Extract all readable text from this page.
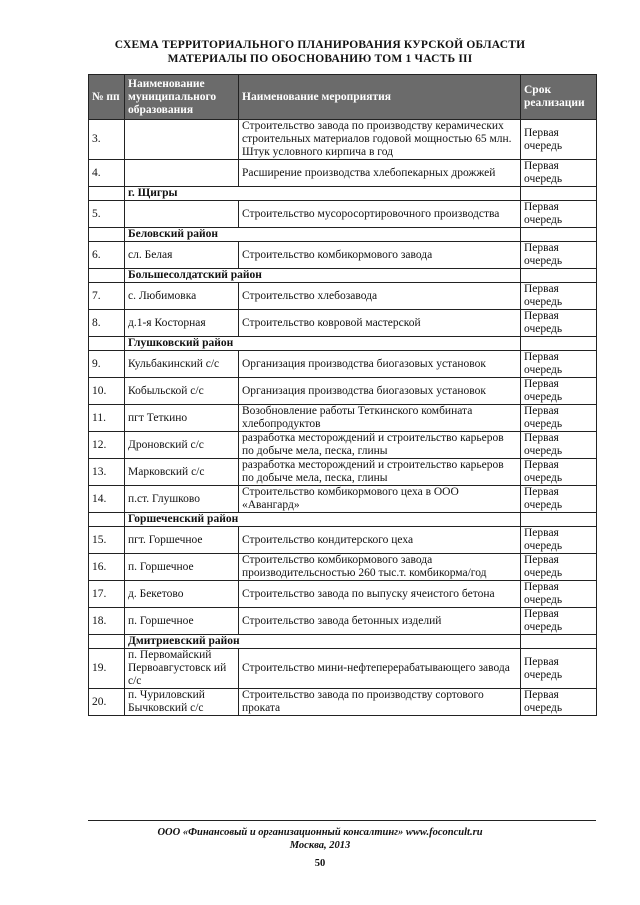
СХЕМА ТЕРРИТОРИАЛЬНОГО ПЛАНИРОВАНИЯ КУРСКОЙ ОБЛАСТИ
МАТЕРИАЛЫ ПО ОБОСНОВАНИЮ ТОМ 1 ЧАСТЬ III
№ пп	Наименование муниципального образования	Наименование мероприятия	Срок реализации
3.		Строительство завода по производству керамических строительных материалов годовой мощностью 65 млн. Штук условного кирпича в год	Первая очередь
4.		Расширение производства хлебопекарных дрожжей	Первая очередь
	г. Щигры		
5.		Строительство мусоросортировочного производства	Первая очередь
	Беловский район		
6.	сл. Белая	Строительство комбикормового завода	Первая очередь
	Большесолдатский район		
7.	с. Любимовка	Строительство хлебозавода	Первая очередь
8.	д.1-я Косторная	Строительство ковровой мастерской	Первая очередь
	Глушковский район		
9.	Кульбакинский с/с	Организация производства биогазовых установок	Первая очередь
10.	Кобыльской с/с	Организация производства биогазовых установок	Первая очередь
11.	пгт Теткино	Возобновление работы Теткинского комбината хлебопродуктов	Первая очередь
12.	Дроновский с/с	разработка месторождений и строительство карьеров по добыче мела, песка, глины	Первая очередь
13.	Марковский с/с	разработка месторождений и строительство карьеров по добыче мела, песка, глины	Первая очередь
14.	п.ст. Глушково	Строительство комбикормового цеха в ООО «Авангард»	Первая очередь
	Горшеченский район		
15.	пгт. Горшечное	Строительство кондитерского цеха	Первая очередь
16.	п. Горшечное	Строительство комбикормового завода производительсностью 260 тыс.т. комбикорма/год	Первая очередь
17.	д. Бекетово	Строительство завода по выпуску ячеистого бетона	Первая очередь
18.	п. Горшечное	Строительство завода бетонных изделий	Первая очередь
	Дмитриевский район		
19.	п. Первомайский Первоавгустовск ий с/с	Строительство мини-нефтеперерабатывающего завода	Первая очередь
20.	п. Чуриловский Бычковский с/с	Строительство завода по производству сортового проката	Первая очередь
ООО «Финансовый и организационный консалтинг» www.foconcult.ru
Москва, 2013
50
